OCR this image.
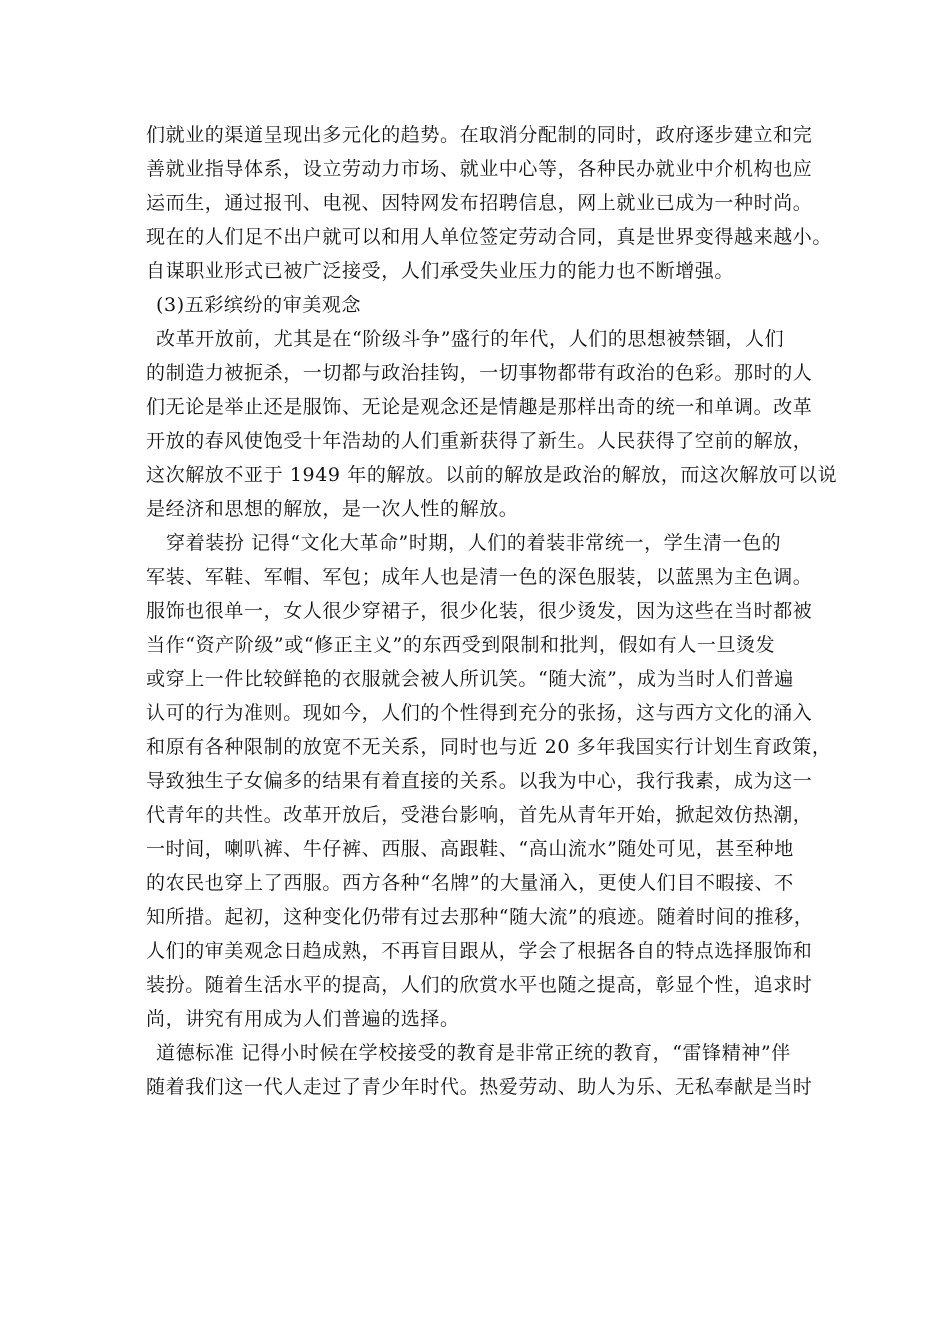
们就业的渠道呈现出多元化的趋势。在取消分配制的同时，政府逐步建立和完
善就业指导体系，设立劳动力市场、就业中心等，各种民办就业中介机构也应
运而生，通过报刊、电视、因特网发布招聘信息，网上就业已成为一种时尚。
现在的人们足不出户就可以和用人单位签定劳动合同，真是世界变得越来越小。
自谋职业形式已被广泛接受，人们承受失业压力的能力也不断增强。
(3)五彩缤纷的审美观念
改革开放前，尤其是在“阶级斗争”盛行的年代，人们的思想被禁锢，人们
的制造力被扼杀，一切都与政治挂钩，一切事物都带有政治的色彩。那时的人
们无论是举止还是服饰、无论是观念还是情趣是那样出奇的统一和单调。改革
开放的春风使饱受十年浩劫的人们重新获得了新生。人民获得了空前的解放，
这次解放不亚于 1949 年的解放。以前的解放是政治的解放，而这次解放可以说
是经济和思想的解放，是一次人性的解放。
穿着装扮 记得“文化大革命”时期，人们的着装非常统一，学生清一色的
军装、军鞋、军帽、军包；成年人也是清一色的深色服装，以蓝黑为主色调。
服饰也很单一，女人很少穿裙子，很少化装，很少烫发，因为这些在当时都被
当作“资产阶级”或“修正主义”的东西受到限制和批判，假如有人一旦烫发
或穿上一件比较鲜艳的衣服就会被人所讥笑。“随大流”，成为当时人们普遍
认可的行为准则。现如今，人们的个性得到充分的张扬，这与西方文化的涌入
和原有各种限制的放宽不无关系，同时也与近 20 多年我国实行计划生育政策，
导致独生子女偏多的结果有着直接的关系。以我为中心，我行我素，成为这一
代青年的共性。改革开放后，受港台影响，首先从青年开始，掀起效仿热潮，
一时间，喇叭裤、牛仔裤、西服、高跟鞋、“高山流水”随处可见，甚至种地
的农民也穿上了西服。西方各种“名牌”的大量涌入，更使人们目不暇接、不
知所措。起初，这种变化仍带有过去那种“随大流”的痕迹。随着时间的推移，
人们的审美观念日趋成熟，不再盲目跟从，学会了根据各自的特点选择服饰和
装扮。随着生活水平的提高，人们的欣赏水平也随之提高，彰显个性，追求时
尚，讲究有用成为人们普遍的选择。
道德标准 记得小时候在学校接受的教育是非常正统的教育，“雷锋精神”伴
随着我们这一代人走过了青少年时代。热爱劳动、助人为乐、无私奉献是当时
